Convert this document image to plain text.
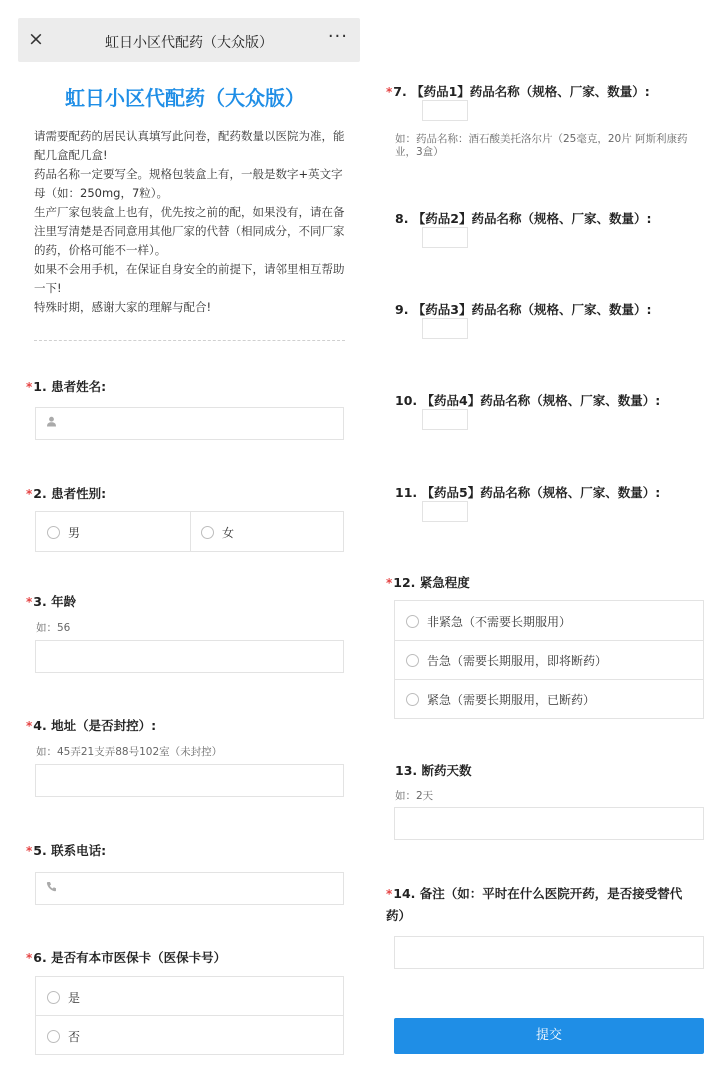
×	虹日小区代配药（大众版）	···
虹日小区代配药（大众版）

请需要配药的居民认真填写此问卷，配药数量以医院为准，能配几盒配几盒!

药品名称一定要写全。规格包装盒上有，一般是数字+英文字母（如：250mg，7粒）。

生产厂家包装盒上也有，优先按之前的配，如果没有，请在备注里写清楚是否同意用其他厂家的代替（相同成分，不同厂家的药，价格可能不一样）。

如果不会用手机，在保证自身安全的前提下，请邻里相互帮助一下!

特殊时期，感谢大家的理解与配合!

*1. 患者姓名:
*2. 患者性别:
男	女
*3. 年龄
如：56
*4. 地址（是否封控）:
如：45弄21支弄88号102室（未封控）
*5. 联系电话:
*6. 是否有本市医保卡（医保卡号）
是
否
*7. 【药品1】药品名称（规格、厂家、数量）:
如：药品名称：酒石酸美托洛尔片（25毫克，20片 阿斯利康药业，3盒）
8. 【药品2】药品名称（规格、厂家、数量）:
9. 【药品3】药品名称（规格、厂家、数量）:
10. 【药品4】药品名称（规格、厂家、数量）:
11. 【药品5】药品名称（规格、厂家、数量）:
*12. 紧急程度
非紧急（不需要长期服用）
告急（需要长期服用，即将断药）
紧急（需要长期服用，已断药）
13. 断药天数
如：2天
*14. 备注（如：平时在什么医院开药，是否接受替代药）
提交
